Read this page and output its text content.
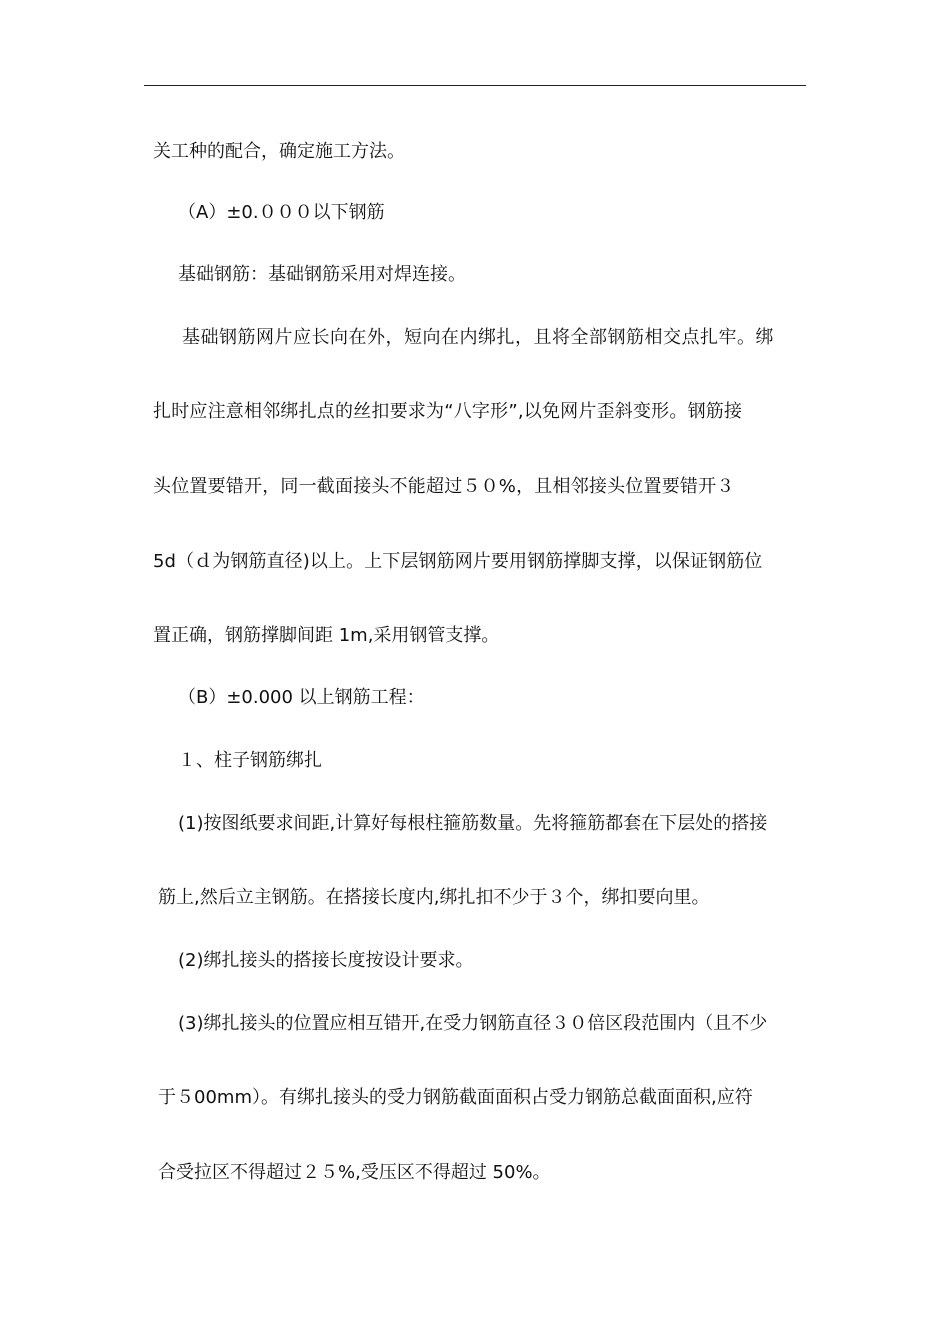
关工种的配合，确定施工方法。
（A）±0.０００以下钢筋
基础钢筋：基础钢筋采用对焊连接。
基础钢筋网片应长向在外，短向在内绑扎，且将全部钢筋相交点扎牢。绑
扎时应注意相邻绑扎点的丝扣要求为“八字形”,以免网片歪斜变形。钢筋接
头位置要错开，同一截面接头不能超过５０%，且相邻接头位置要错开３
5d（ｄ为钢筋直径)以上。上下层钢筋网片要用钢筋撑脚支撑，以保证钢筋位
置正确，钢筋撑脚间距 1m,采用钢管支撑。
（B）±0.000 以上钢筋工程：
１、柱子钢筋绑扎
(1)按图纸要求间距,计算好每根柱箍筋数量。先将箍筋都套在下层处的搭接
筋上,然后立主钢筋。在搭接长度内,绑扎扣不少于３个，绑扣要向里。
(2)绑扎接头的搭接长度按设计要求。
(3)绑扎接头的位置应相互错开,在受力钢筋直径３０倍区段范围内（且不少
于５00mm）。有绑扎接头的受力钢筋截面面积占受力钢筋总截面面积,应符
合受拉区不得超过２５%,受压区不得超过 50%。
